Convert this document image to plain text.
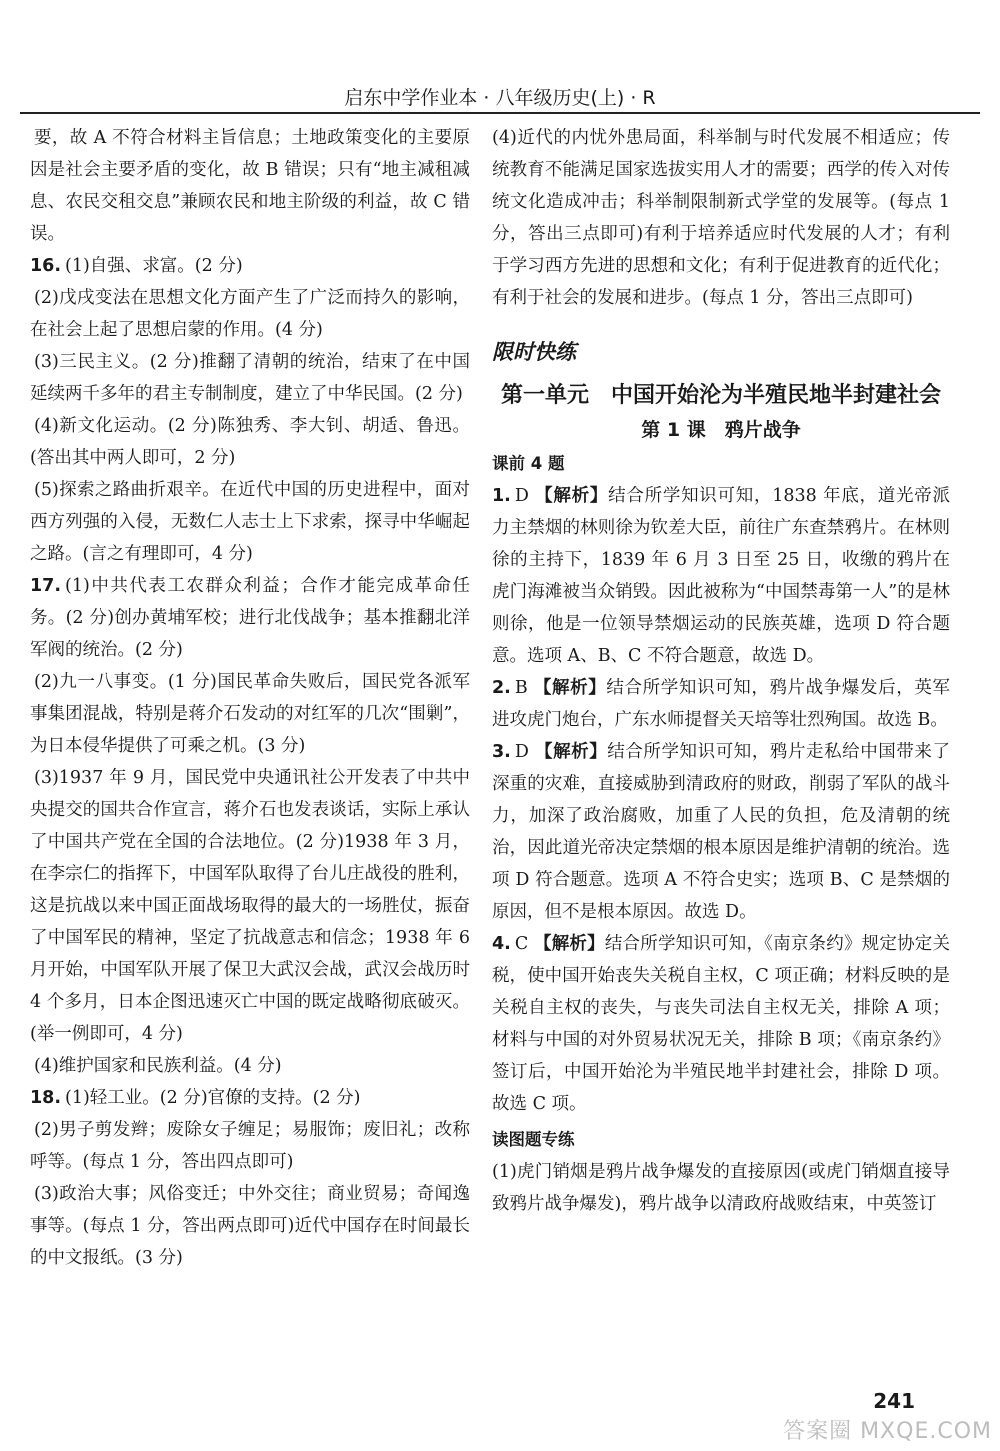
启东中学作业本 · 八年级历史(上) · R

要，故 A 不符合材料主旨信息；土地政策变化的主要原因是社会主要矛盾的变化，故 B 错误；只有“地主减租减息、农民交租交息”兼顾农民和地主阶级的利益，故 C 错误。

16. (1)自强、求富。(2 分)

(2)戊戌变法在思想文化方面产生了广泛而持久的影响，在社会上起了思想启蒙的作用。(4 分)

(3)三民主义。(2 分)推翻了清朝的统治，结束了在中国延续两千多年的君主专制制度，建立了中华民国。(2 分)

(4)新文化运动。(2 分)陈独秀、李大钊、胡适、鲁迅。(答出其中两人即可，2 分)

(5)探索之路曲折艰辛。在近代中国的历史进程中，面对西方列强的入侵，无数仁人志士上下求索，探寻中华崛起之路。(言之有理即可，4 分)

17. (1)中共代表工农群众利益；合作才能完成革命任务。(2 分)创办黄埔军校；进行北伐战争；基本推翻北洋军阀的统治。(2 分)

(2)九一八事变。(1 分)国民革命失败后，国民党各派军事集团混战，特别是蒋介石发动的对红军的几次“围剿”，为日本侵华提供了可乘之机。(3 分)

(3)1937 年 9 月，国民党中央通讯社公开发表了中共中央提交的国共合作宣言，蒋介石也发表谈话，实际上承认了中国共产党在全国的合法地位。(2 分)1938 年 3 月，在李宗仁的指挥下，中国军队取得了台儿庄战役的胜利，这是抗战以来中国正面战场取得的最大的一场胜仗，振奋了中国军民的精神，坚定了抗战意志和信念；1938 年 6 月开始，中国军队开展了保卫大武汉会战，武汉会战历时 4 个多月，日本企图迅速灭亡中国的既定战略彻底破灭。(举一例即可，4 分)

(4)维护国家和民族利益。(4 分)

18. (1)轻工业。(2 分)官僚的支持。(2 分)

(2)男子剪发辫；废除女子缠足；易服饰；废旧礼；改称呼等。(每点 1 分，答出四点即可)

(3)政治大事；风俗变迁；中外交往；商业贸易；奇闻逸事等。(每点 1 分，答出两点即可)近代中国存在时间最长的中文报纸。(3 分)

(4)近代的内忧外患局面，科举制与时代发展不相适应；传统教育不能满足国家选拔实用人才的需要；西学的传入对传统文化造成冲击；科举制限制新式学堂的发展等。(每点 1 分，答出三点即可)有利于培养适应时代发展的人才；有利于学习西方先进的思想和文化；有利于促进教育的近代化；有利于社会的发展和进步。(每点 1 分，答出三点即可)

限时快练
第一单元　中国开始沦为半殖民地半封建社会
第 1 课　鸦片战争
课前 4 题

1. D 【解析】结合所学知识可知，1838 年底，道光帝派力主禁烟的林则徐为钦差大臣，前往广东查禁鸦片。在林则徐的主持下，1839 年 6 月 3 日至 25 日，收缴的鸦片在虎门海滩被当众销毁。因此被称为“中国禁毒第一人”的是林则徐，他是一位领导禁烟运动的民族英雄，选项 D 符合题意。选项 A、B、C 不符合题意，故选 D。

2. B 【解析】结合所学知识可知，鸦片战争爆发后，英军进攻虎门炮台，广东水师提督关天培等壮烈殉国。故选 B。

3. D 【解析】结合所学知识可知，鸦片走私给中国带来了深重的灾难，直接威胁到清政府的财政，削弱了军队的战斗力，加深了政治腐败，加重了人民的负担，危及清朝的统治，因此道光帝决定禁烟的根本原因是维护清朝的统治。选项 D 符合题意。选项 A 不符合史实；选项 B、C 是禁烟的原因，但不是根本原因。故选 D。

4. C 【解析】结合所学知识可知，《南京条约》规定协定关税，使中国开始丧失关税自主权，C 项正确；材料反映的是关税自主权的丧失，与丧失司法自主权无关，排除 A 项；材料与中国的对外贸易状况无关，排除 B 项；《南京条约》签订后，中国开始沦为半殖民地半封建社会，排除 D 项。故选 C 项。

读图题专练

(1)虎门销烟是鸦片战争爆发的直接原因(或虎门销烟直接导致鸦片战争爆发)，鸦片战争以清政府战败结束，中英签订

241
答案圈 MXQE.COM
